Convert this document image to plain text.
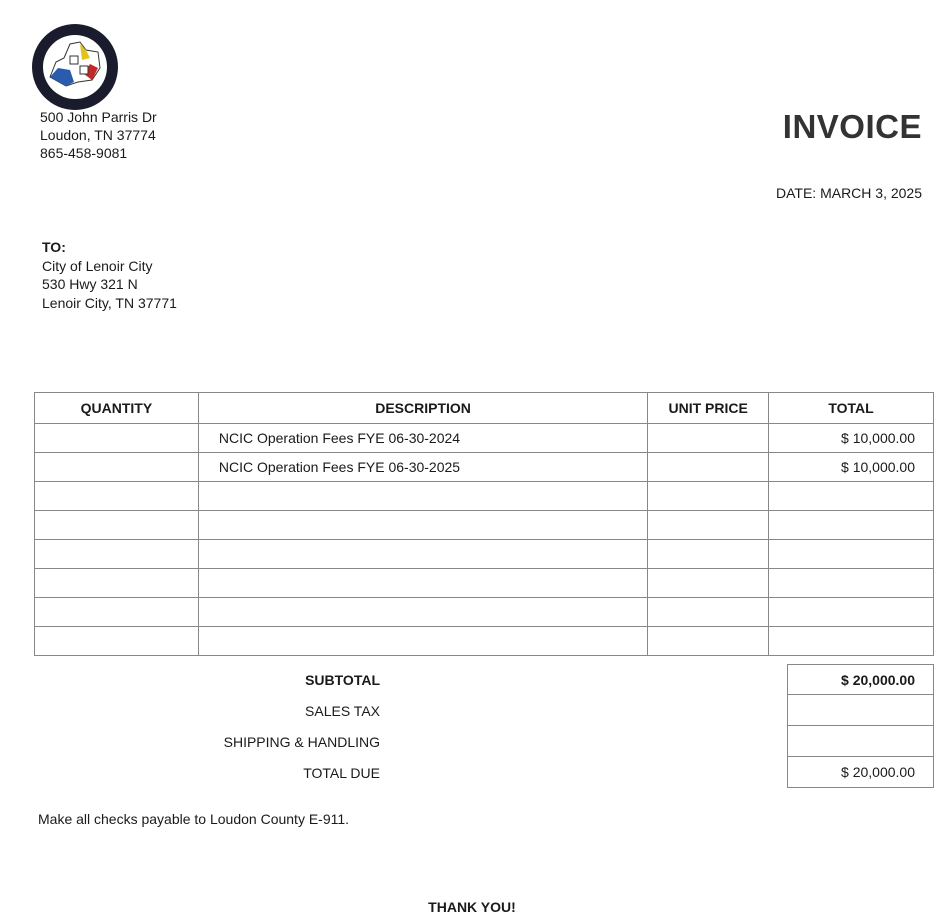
500 John Parris Dr
Loudon, TN 37774
865-458-9081
INVOICE
DATE: MARCH 3, 2025
TO:
City of Lenoir City
530 Hwy 321 N
Lenoir City, TN 37771
QUANTITY	DESCRIPTION	UNIT PRICE	TOTAL
	NCIC Operation Fees FYE 06-30-2024		$ 10,000.00
	NCIC Operation Fees FYE 06-30-2025		$ 10,000.00

SUBTOTAL	$ 20,000.00
SALES TAX
SHIPPING & HANDLING
TOTAL DUE	$ 20,000.00
Make all checks payable to Loudon County E-911.
THANK YOU!
